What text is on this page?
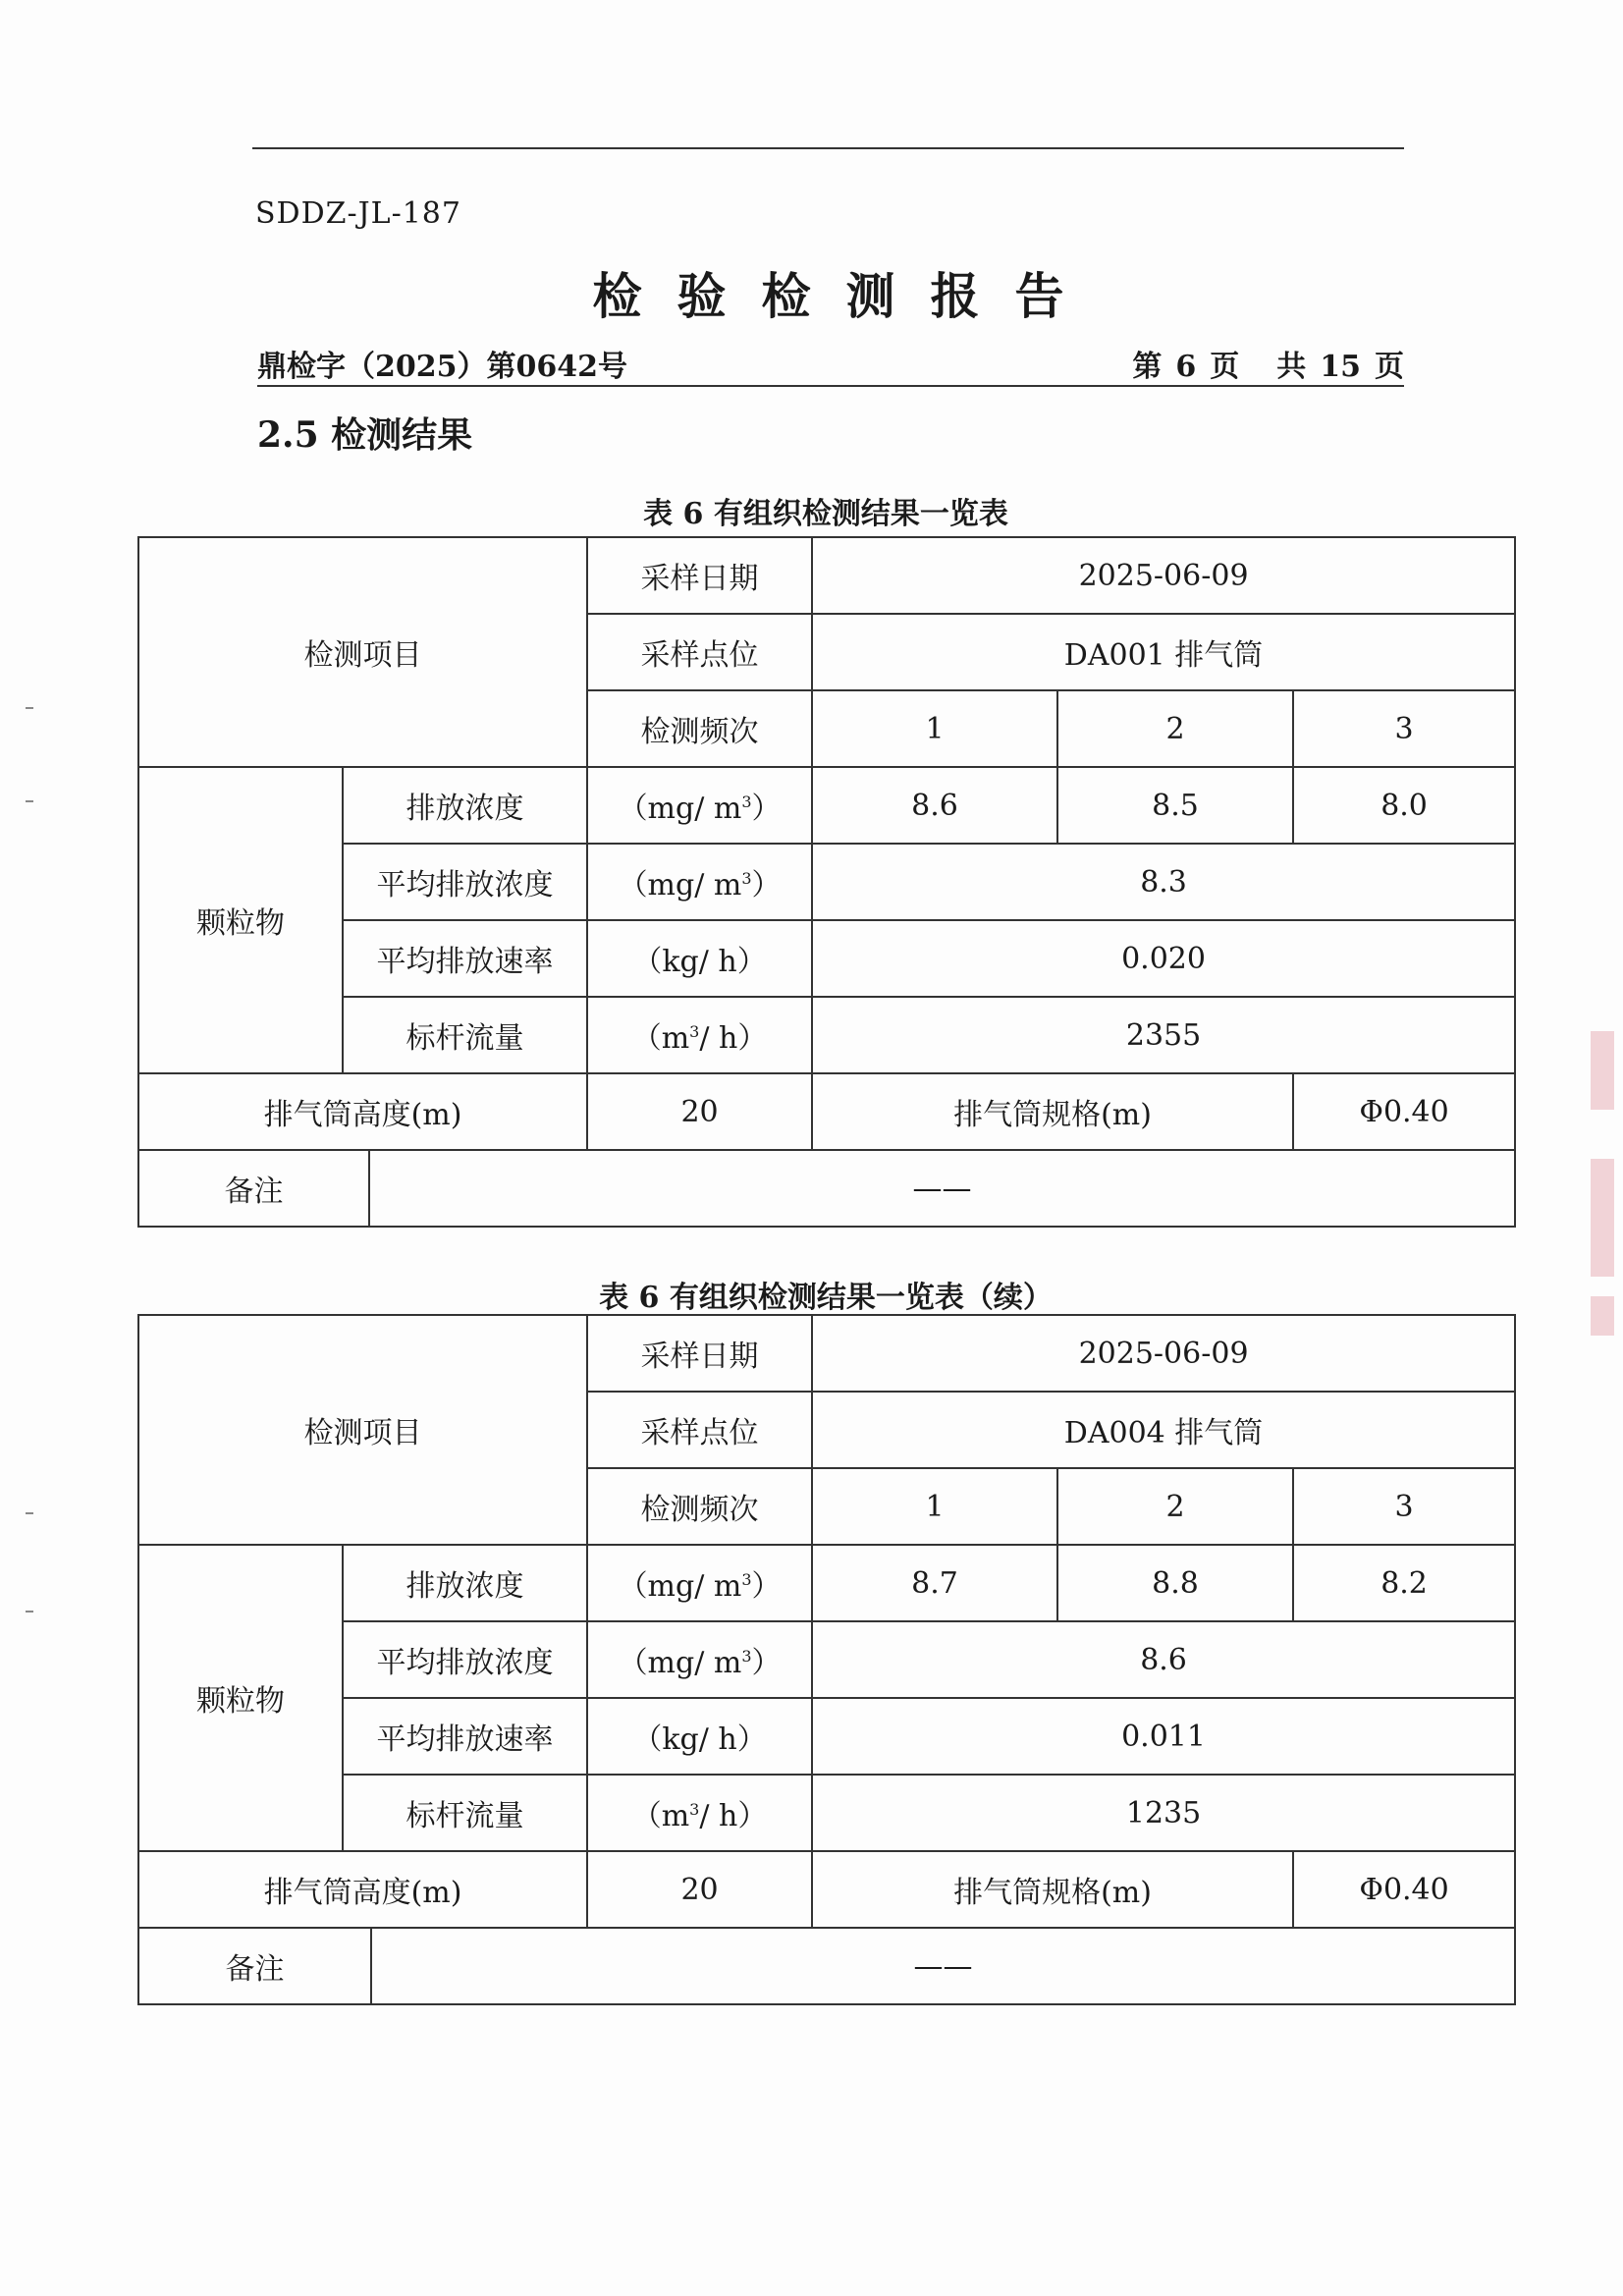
SDDZ-JL-187
检验检测报告
鼎检字（2025）第0642号	第 6 页 共 15 页
2.5 检测结果
表 6 有组织检测结果一览表
检测项目			采样日期	2025-06-09		
			采样点位	DA001 排气筒		
			检测频次	1	2	3
颗粒物	排放浓度		（mg/ $m^3$）	8.6	8.5	8.0
	平均排放浓度		（mg/ $m^3$）	8.3		
	平均排放速率		（kg/ h）	0.020		
	标杆流量		（$m^3/$ h）	2355		
排气筒高度(m)			20	排气筒规格(m)		Φ0.40
备注		——				
表 6 有组织检测结果一览表（续）
检测项目			采样日期	2025-06-09		
			采样点位	DA004 排气筒		
			检测频次	1	2	3
颗粒物	排放浓度		（mg/ $m^3$）	8.7	8.8	8.2
	平均排放浓度		（mg/ $m^3$）	8.6		
	平均排放速率		（kg/ h）	0.011		
	标杆流量		（$m^3/$ h）	1235		
排气筒高度(m)			20	排气筒规格(m)		Φ0.40
备注		——				
